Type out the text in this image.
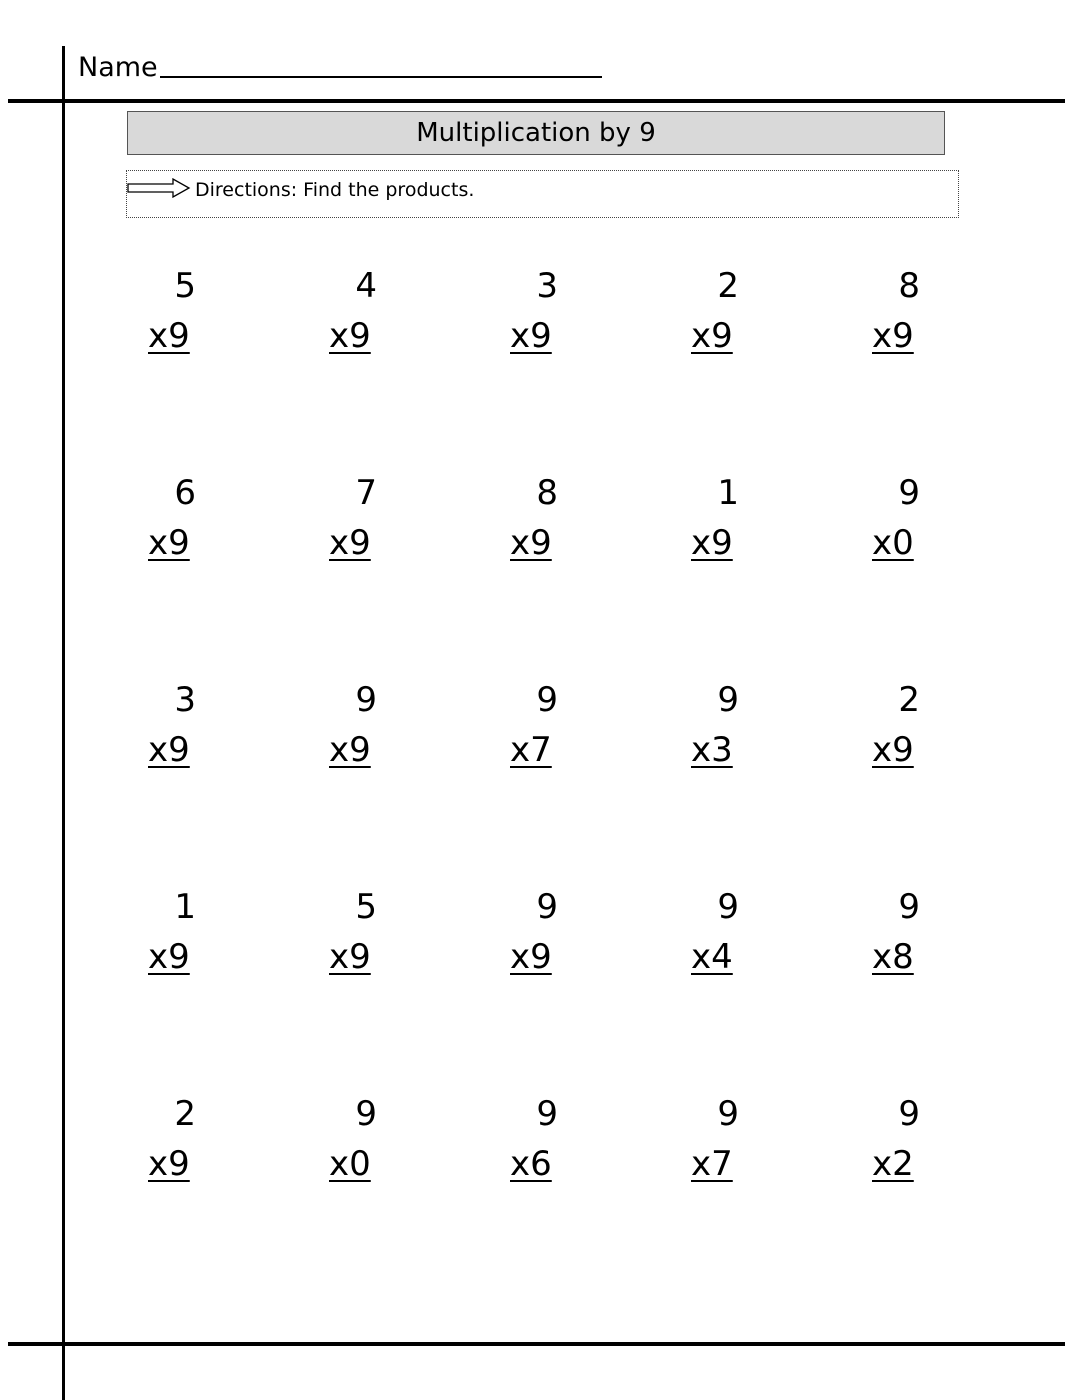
Name
Multiplication by 9
Directions: Find the products.
5
x9
4
x9
3
x9
2
x9
8
x9
6
x9
7
x9
8
x9
1
x9
9
x0
3
x9
9
x9
9
x7
9
x3
2
x9
1
x9
5
x9
9
x9
9
x4
9
x8
2
x9
9
x0
9
x6
9
x7
9
x2
